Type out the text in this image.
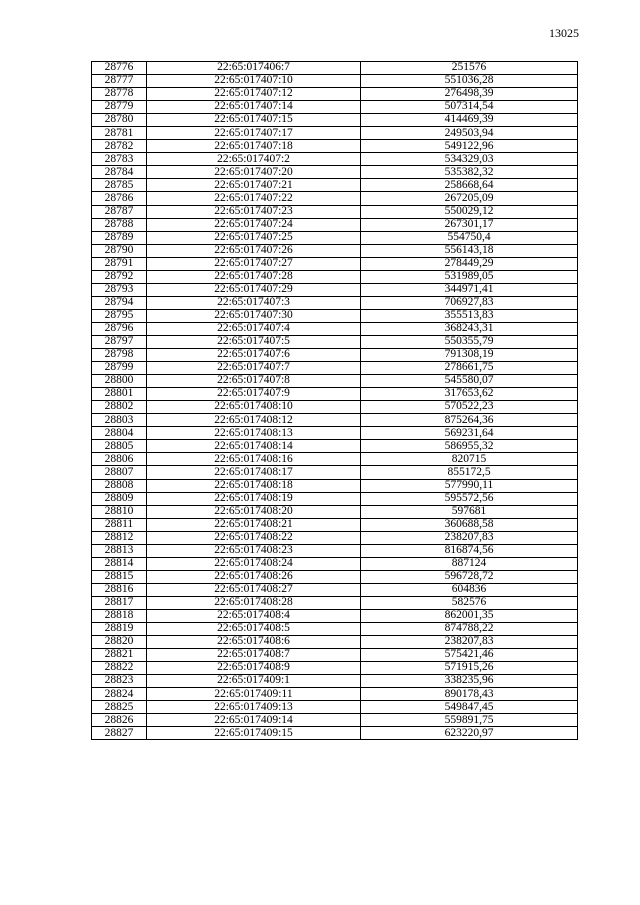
13025
28776	22:65:017406:7	251576
28777	22:65:017407:10	551036,28
28778	22:65:017407:12	276498,39
28779	22:65:017407:14	507314,54
28780	22:65:017407:15	414469,39
28781	22:65:017407:17	249503,94
28782	22:65:017407:18	549122,96
28783	22:65:017407:2	534329,03
28784	22:65:017407:20	535382,32
28785	22:65:017407:21	258668,64
28786	22:65:017407:22	267205,09
28787	22:65:017407:23	550029,12
28788	22:65:017407:24	267301,17
28789	22:65:017407:25	554750,4
28790	22:65:017407:26	556143,18
28791	22:65:017407:27	278449,29
28792	22:65:017407:28	531989,05
28793	22:65:017407:29	344971,41
28794	22:65:017407:3	706927,83
28795	22:65:017407:30	355513,83
28796	22:65:017407:4	368243,31
28797	22:65:017407:5	550355,79
28798	22:65:017407:6	791308,19
28799	22:65:017407:7	278661,75
28800	22:65:017407:8	545580,07
28801	22:65:017407:9	317653,62
28802	22:65:017408:10	570522,23
28803	22:65:017408:12	875264,36
28804	22:65:017408:13	569231,64
28805	22:65:017408:14	586955,32
28806	22:65:017408:16	820715
28807	22:65:017408:17	855172,5
28808	22:65:017408:18	577990,11
28809	22:65:017408:19	595572,56
28810	22:65:017408:20	597681
28811	22:65:017408:21	360688,58
28812	22:65:017408:22	238207,83
28813	22:65:017408:23	816874,56
28814	22:65:017408:24	887124
28815	22:65:017408:26	596728,72
28816	22:65:017408:27	604836
28817	22:65:017408:28	582576
28818	22:65:017408:4	862001,35
28819	22:65:017408:5	874788,22
28820	22:65:017408:6	238207,83
28821	22:65:017408:7	575421,46
28822	22:65:017408:9	571915,26
28823	22:65:017409:1	338235,96
28824	22:65:017409:11	890178,43
28825	22:65:017409:13	549847,45
28826	22:65:017409:14	559891,75
28827	22:65:017409:15	623220,97
